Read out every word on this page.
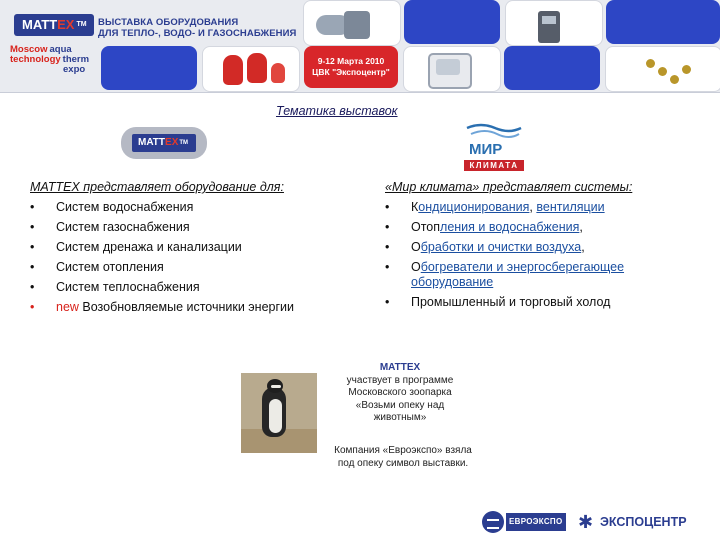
MATTEX ™	ВЫСТАВКА ОБОРУДОВАНИЯ
ДЛЯ ТЕПЛО-, ВОДО- И ГАЗОСНАБЖЕНИЯ
Moscow aqua
technology therm
expo
9-12 Марта 2010
ЦВК "Экспоцентр"
Тематика выставок
MATTEX™	МИР
КЛИМАТА
MATTEX представляет оборудование для:
• Систем водоснабжения
• Систем газоснабжения
• Систем дренажа и канализации
• Систем отопления
• Систем теплоснабжения
• new Возобновляемые источники энергии
«Мир климата» представляет системы:
• Кондиционирования, вентиляции
• Отопления и водоснабжения,
• Обработки и очистки воздуха,
• Обогреватели и энергосберегающее
оборудование
• Промышленный и торговый холод
MATTEX
участвует в программе
Московского зоопарка
«Возьми опеку над
животным»
Компания «Евроэкспо» взяла
под опеку символ выставки.
ЕВРОЭКСПО ✱ ЭКСПОЦЕНТР
